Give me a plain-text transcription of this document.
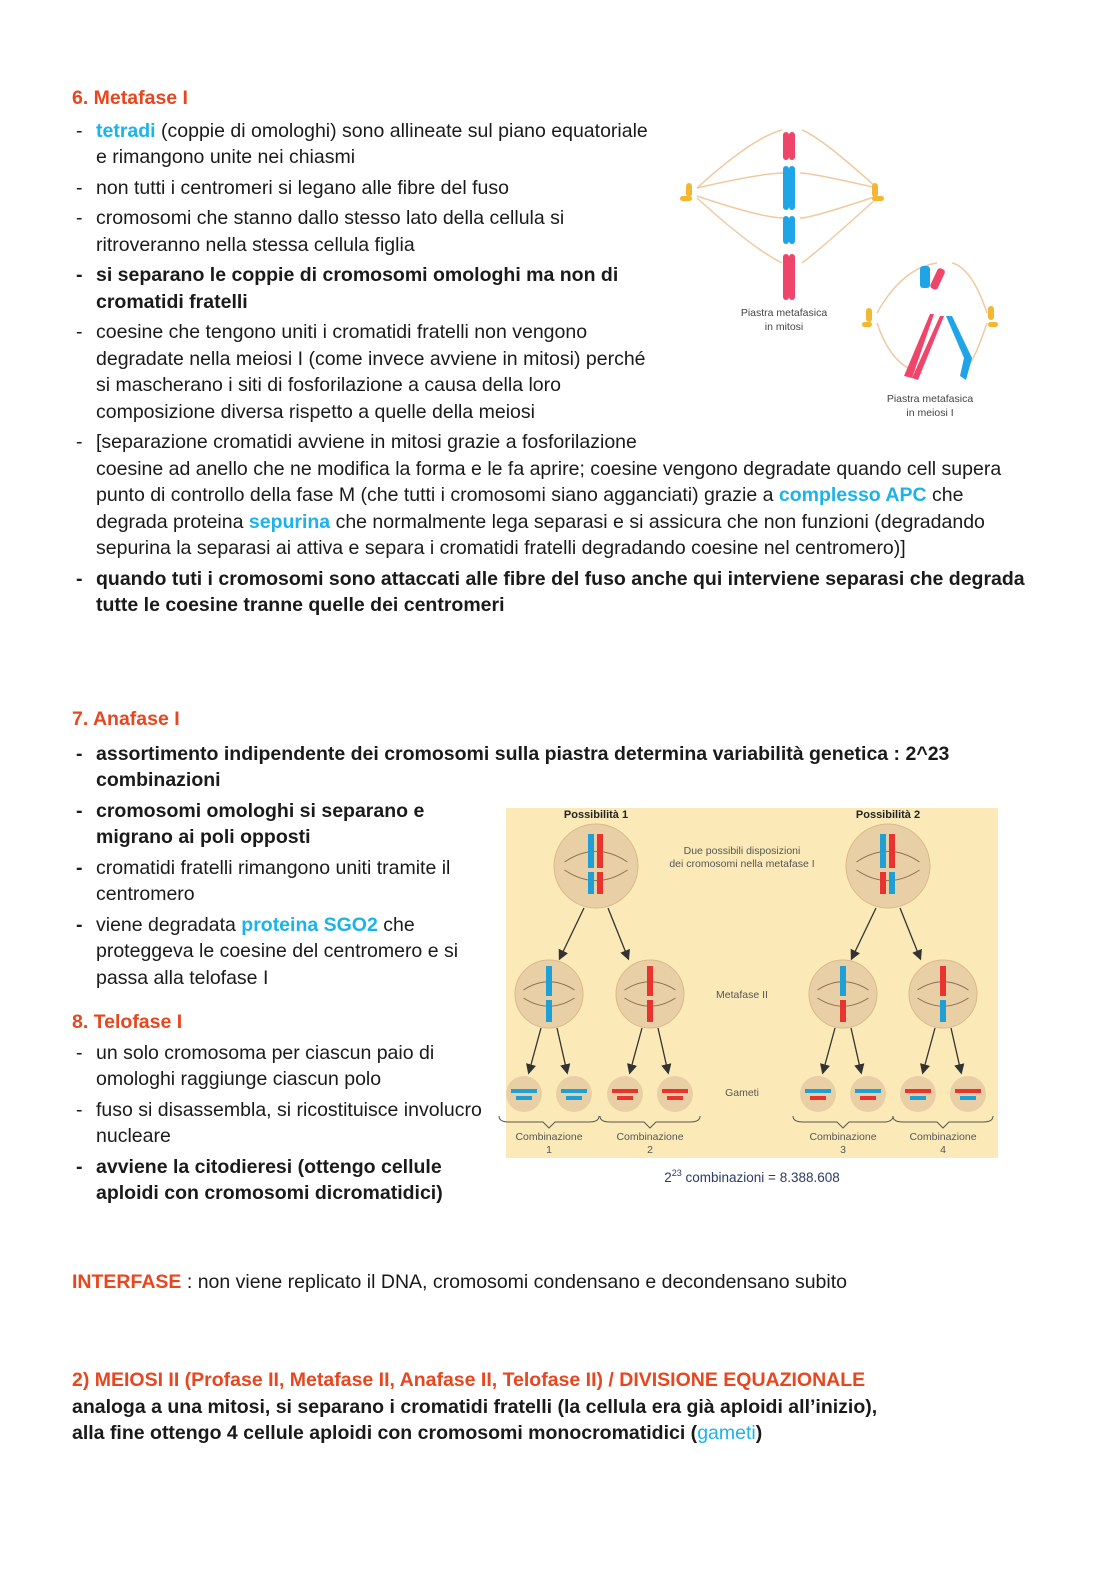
6. Metafase I
Piastra metafasica
in mitosi
Piastra metafasica
in meiosi I
- tetradi (coppie di omologhi) sono allineate sul piano equatoriale e rimangono unite nei chiasmi
- non tutti i centromeri si legano alle fibre del fuso
- cromosomi che stanno dallo stesso lato della cellula si ritroveranno nella stessa cellula figlia
- si separano le coppie di cromosomi omologhi ma non di cromatidi fratelli
- coesine che tengono uniti i cromatidi fratelli non vengono degradate nella meiosi I (come invece avviene in mitosi) perché si mascherano i siti di fosforilazione a causa della loro composizione diversa rispetto a quelle della meiosi
- [separazione cromatidi avviene in mitosi grazie a fosforilazione coesine ad anello che ne modifica la forma e le fa aprire; coesine vengono degradate quando cell supera punto di controllo della fase M (che tutti i cromosomi siano agganciati) grazie a complesso APC che degrada proteina sepurina che normalmente lega separasi e si assicura che non funzioni (degradando sepurina la separasi ai attiva e separa i cromatidi fratelli degradando coesine nel centromero)]
- quando tuti i cromosomi sono attaccati alle fibre del fuso anche qui interviene separasi che degrada tutte le coesine tranne quelle dei centromeri
7. Anafase I
- assortimento indipendente dei cromosomi sulla piastra determina variabilità genetica : 2^23 combinazioni
Possibilità 1	Possibilità 2
Due possibili disposizioni
dei cromosomi nella metafase I
Metafase II
Gameti
Combinazione
1
Combinazione
2
Combinazione
3
Combinazione
4
$2^{23}$ combinazioni = 8.388.608
- cromosomi omologhi si separano e migrano ai poli opposti
- cromatidi fratelli rimangono uniti tramite il centromero
- viene degradata proteina SGO2 che proteggeva le coesine del centromero e si passa alla telofase I
8. Telofase I
- un solo cromosoma per ciascun paio di omologhi raggiunge ciascun polo
- fuso si disassembla, si ricostituisce involucro nucleare
- avviene la citodieresi (ottengo cellule aploidi con cromosomi dicromatidici)
INTERFASE : non viene replicato il DNA, cromosomi condensano e decondensano subito
2) MEIOSI II (Profase II, Metafase II, Anafase II, Telofase II) / DIVISIONE EQUAZIONALE
analoga a una mitosi, si separano i cromatidi fratelli (la cellula era già aploidi all’inizio),
alla fine ottengo 4 cellule aploidi con cromosomi monocromatidici (gameti)
